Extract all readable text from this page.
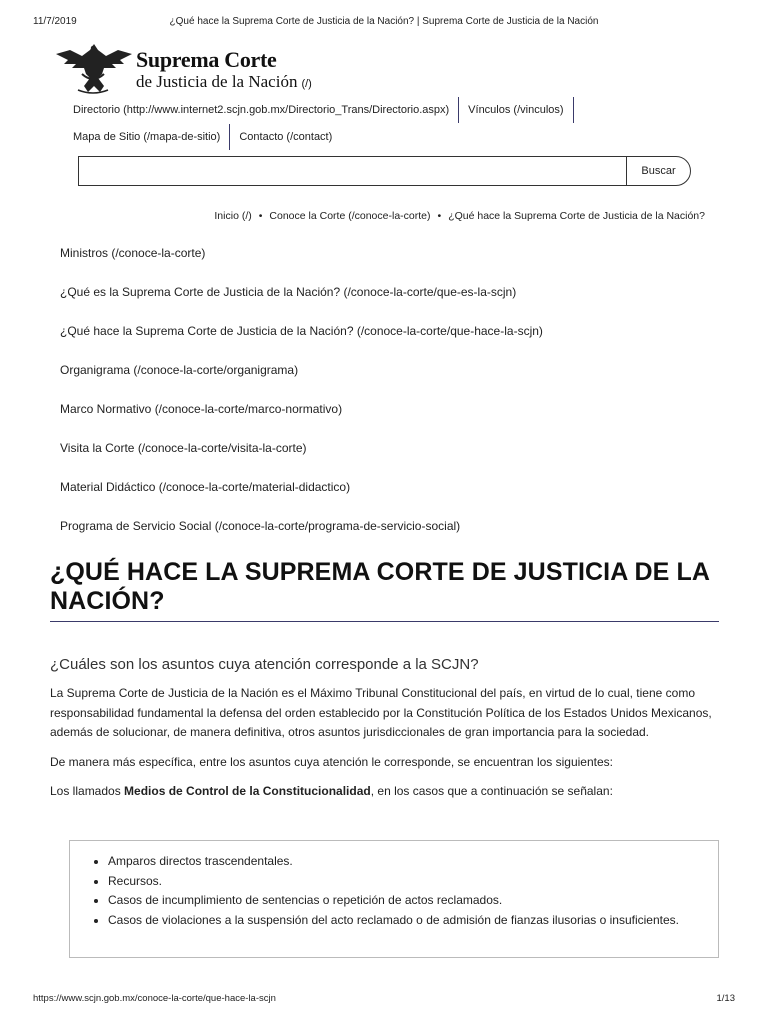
11/7/2019	¿Qué hace la Suprema Corte de Justicia de la Nación? | Suprema Corte de Justicia de la Nación
Suprema Corte
de Justicia de la Nación (/)
Directorio (http://www.internet2.scjn.gob.mx/Directorio_Trans/Directorio.aspx)	Vínculos (/vinculos)
Mapa de Sitio (/mapa-de-sitio)	Contacto (/contact)
Buscar
Inicio (/) • Conoce la Corte (/conoce-la-corte) • ¿Qué hace la Suprema Corte de Justicia de la Nación?
Ministros (/conoce-la-corte)
¿Qué es la Suprema Corte de Justicia de la Nación? (/conoce-la-corte/que-es-la-scjn)
¿Qué hace la Suprema Corte de Justicia de la Nación? (/conoce-la-corte/que-hace-la-scjn)
Organigrama (/conoce-la-corte/organigrama)
Marco Normativo (/conoce-la-corte/marco-normativo)
Visita la Corte (/conoce-la-corte/visita-la-corte)
Material Didáctico (/conoce-la-corte/material-didactico)
Programa de Servicio Social (/conoce-la-corte/programa-de-servicio-social)
¿QUÉ HACE LA SUPREMA CORTE DE JUSTICIA DE LA NACIÓN?
¿Cuáles son los asuntos cuya atención corresponde a la SCJN?

La Suprema Corte de Justicia de la Nación es el Máximo Tribunal Constitucional del país, en virtud de lo cual, tiene como responsabilidad fundamental la defensa del orden establecido por la Constitución Política de los Estados Unidos Mexicanos, además de solucionar, de manera definitiva, otros asuntos jurisdiccionales de gran importancia para la sociedad.

De manera más específica, entre los asuntos cuya atención le corresponde, se encuentran los siguientes:

Los llamados Medios de Control de la Constitucionalidad, en los casos que a continuación se señalan:

• Amparos directos trascendentales.
• Recursos.
• Casos de incumplimiento de sentencias o repetición de actos reclamados.
• Casos de violaciones a la suspensión del acto reclamado o de admisión de fianzas ilusorias o insuficientes.
https://www.scjn.gob.mx/conoce-la-corte/que-hace-la-scjn	1/13
